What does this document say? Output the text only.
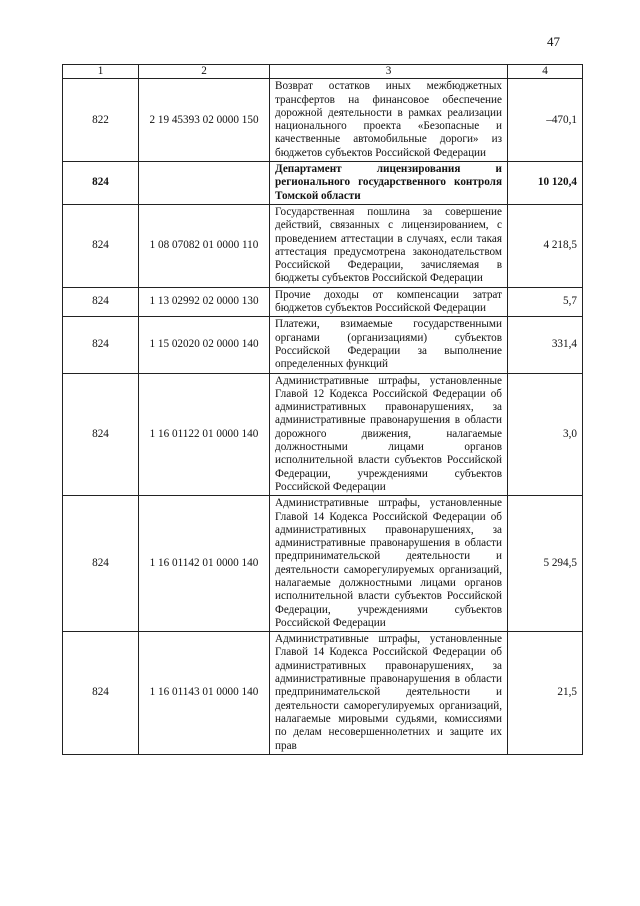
47
1	2	3	4
822	2 19 45393 02 0000 150	Возврат остатков иных межбюджетных трансфертов на финансовое обеспечение дорожной деятельности в рамках реализации национального проекта «Безопасные и качественные автомобильные дороги» из бюджетов субъектов Российской Федерации	–470,1
824		Департамент лицензирования и регионального государственного контроля Томской области	10 120,4
824	1 08 07082 01 0000 110	Государственная пошлина за совершение действий, связанных с лицензированием, с проведением аттестации в случаях, если такая аттестация предусмотрена законодательством Российской Федерации, зачисляемая в бюджеты субъектов Российской Федерации	4 218,5
824	1 13 02992 02 0000 130	Прочие доходы от компенсации затрат бюджетов субъектов Российской Федерации	5,7
824	1 15 02020 02 0000 140	Платежи, взимаемые государственными органами (организациями) субъектов Российской Федерации за выполнение определенных функций	331,4
824	1 16 01122 01 0000 140	Административные штрафы, установленные Главой 12 Кодекса Российской Федерации об административных правонарушениях, за административные правонарушения в области дорожного движения, налагаемые должностными лицами органов исполнительной власти субъектов Российской Федерации, учреждениями субъектов Российской Федерации	3,0
824	1 16 01142 01 0000 140	Административные штрафы, установленные Главой 14 Кодекса Российской Федерации об административных правонарушениях, за административные правонарушения в области предпринимательской деятельности и деятельности саморегулируемых организаций, налагаемые должностными лицами органов исполнительной власти субъектов Российской Федерации, учреждениями субъектов Российской Федерации	5 294,5
824	1 16 01143 01 0000 140	Административные штрафы, установленные Главой 14 Кодекса Российской Федерации об административных правонарушениях, за административные правонарушения в области предпринимательской деятельности и деятельности саморегулируемых организаций, налагаемые мировыми судьями, комиссиями по делам несовершеннолетних и защите их прав	21,5
